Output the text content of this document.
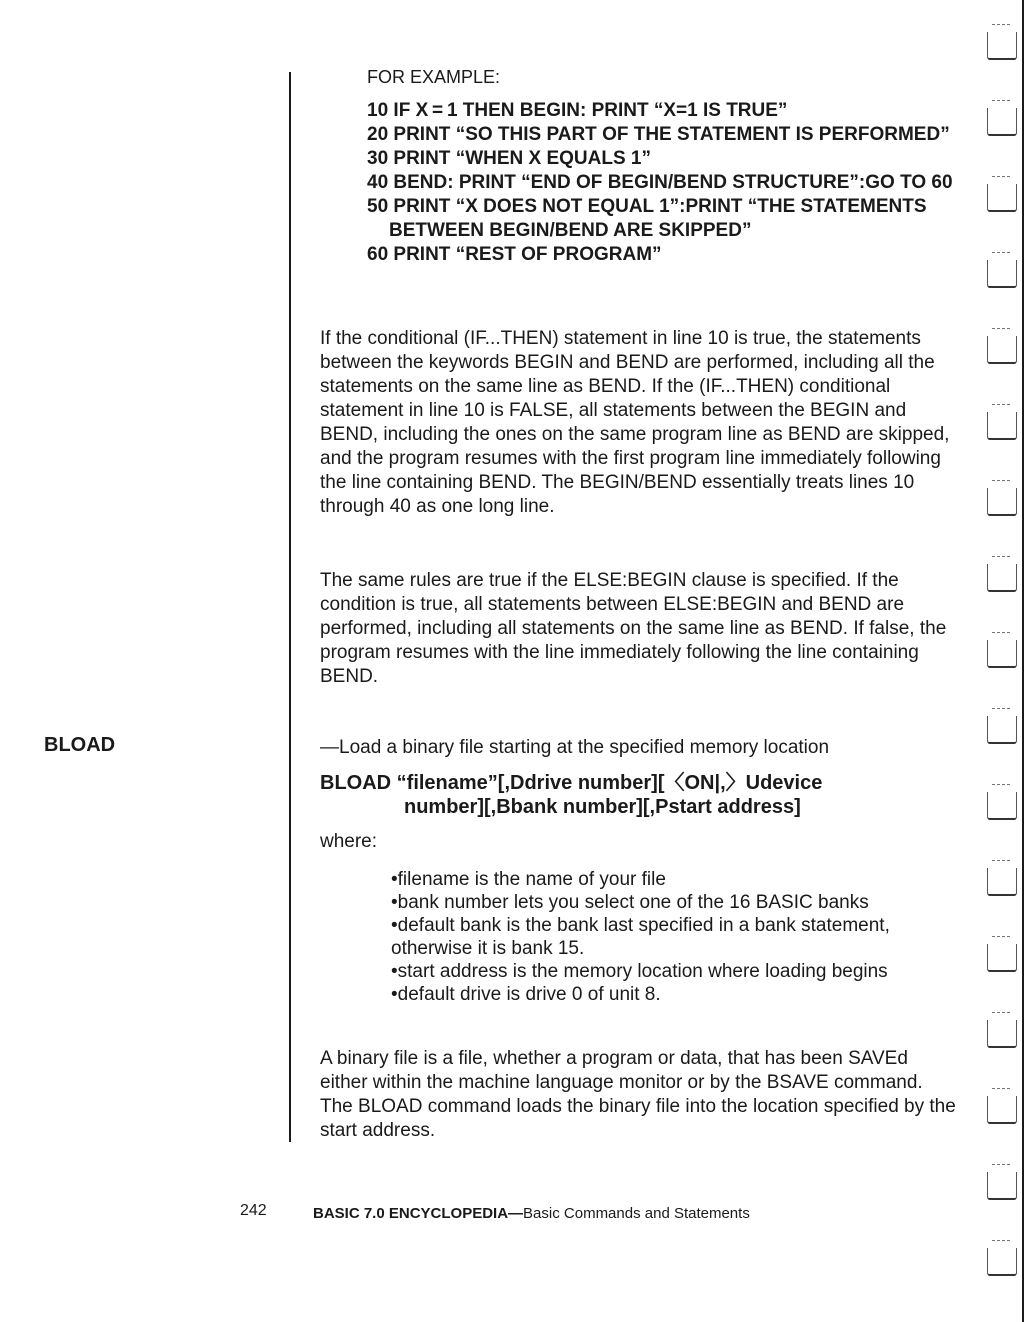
FOR EXAMPLE:
10 IF X = 1 THEN BEGIN: PRINT “X=1 IS TRUE”
20 PRINT “SO THIS PART OF THE STATEMENT IS PERFORMED”
30 PRINT “WHEN X EQUALS 1”
40 BEND: PRINT “END OF BEGIN/BEND STRUCTURE”:GO TO 60
50 PRINT “X DOES NOT EQUAL 1”:PRINT “THE STATEMENTS BETWEEN BEGIN/BEND ARE SKIPPED”
60 PRINT “REST OF PROGRAM”
If the conditional (IF...THEN) statement in line 10 is true, the statements between the keywords BEGIN and BEND are performed, including all the statements on the same line as BEND. If the (IF...THEN) conditional statement in line 10 is FALSE, all statements between the BEGIN and BEND, including the ones on the same program line as BEND are skipped, and the program resumes with the first program line immediately following the line containing BEND. The BEGIN/BEND essentially treats lines 10 through 40 as one long line.
The same rules are true if the ELSE:BEGIN clause is specified. If the condition is true, all statements between ELSE:BEGIN and BEND are performed, including all statements on the same line as BEND. If false, the program resumes with the line immediately following the line containing BEND.
BLOAD	—Load a binary file starting at the specified memory location
BLOAD “filename”[,Ddrive number][〈ON|,〉Udevice
number][,Bbank number][,Pstart address]
where:
• filename is the name of your file
• bank number lets you select one of the 16 BASIC banks
• default bank is the bank last specified in a bank statement, otherwise it is bank 15.
• start address is the memory location where loading begins
• default drive is drive 0 of unit 8.
A binary file is a file, whether a program or data, that has been SAVEd either within the machine language monitor or by the BSAVE command. The BLOAD command loads the binary file into the location specified by the start address.
242	BASIC 7.0 ENCYCLOPEDIA—Basic Commands and Statements
